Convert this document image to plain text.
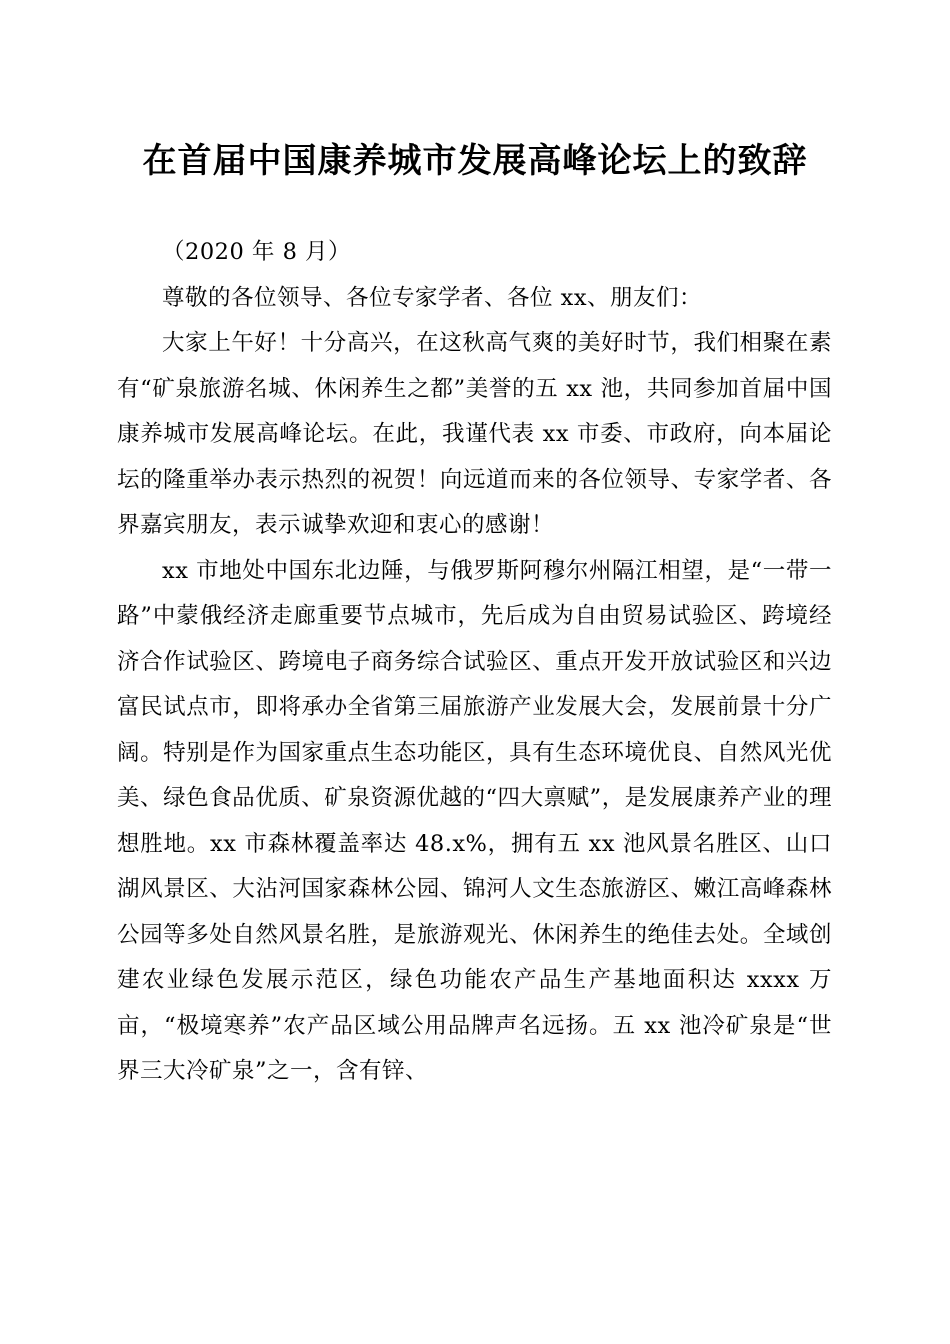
在首届中国康养城市发展高峰论坛上的致辞

（2020 年 8 月）

尊敬的各位领导、各位专家学者、各位 xx、朋友们：

大家上午好！十分高兴，在这秋高气爽的美好时节，我们相聚在素有“矿泉旅游名城、休闲养生之都”美誉的五 xx 池，共同参加首届中国康养城市发展高峰论坛。在此，我谨代表 xx 市委、市政府，向本届论坛的隆重举办表示热烈的祝贺！向远道而来的各位领导、专家学者、各界嘉宾朋友，表示诚挚欢迎和衷心的感谢！

xx 市地处中国东北边陲，与俄罗斯阿穆尔州隔江相望，是“一带一路”中蒙俄经济走廊重要节点城市，先后成为自由贸易试验区、跨境经济合作试验区、跨境电子商务综合试验区、重点开发开放试验区和兴边富民试点市，即将承办全省第三届旅游产业发展大会，发展前景十分广阔。特别是作为国家重点生态功能区，具有生态环境优良、自然风光优美、绿色食品优质、矿泉资源优越的“四大禀赋”，是发展康养产业的理想胜地。xx 市森林覆盖率达 48.x%，拥有五 xx 池风景名胜区、山口湖风景区、大沾河国家森林公园、锦河人文生态旅游区、嫩江高峰森林公园等多处自然风景名胜，是旅游观光、休闲养生的绝佳去处。全域创建农业绿色发展示范区，绿色功能农产品生产基地面积达 xxxx 万亩，“极境寒养”农产品区域公用品牌声名远扬。五 xx 池冷矿泉是“世界三大冷矿泉”之一，含有锌、
